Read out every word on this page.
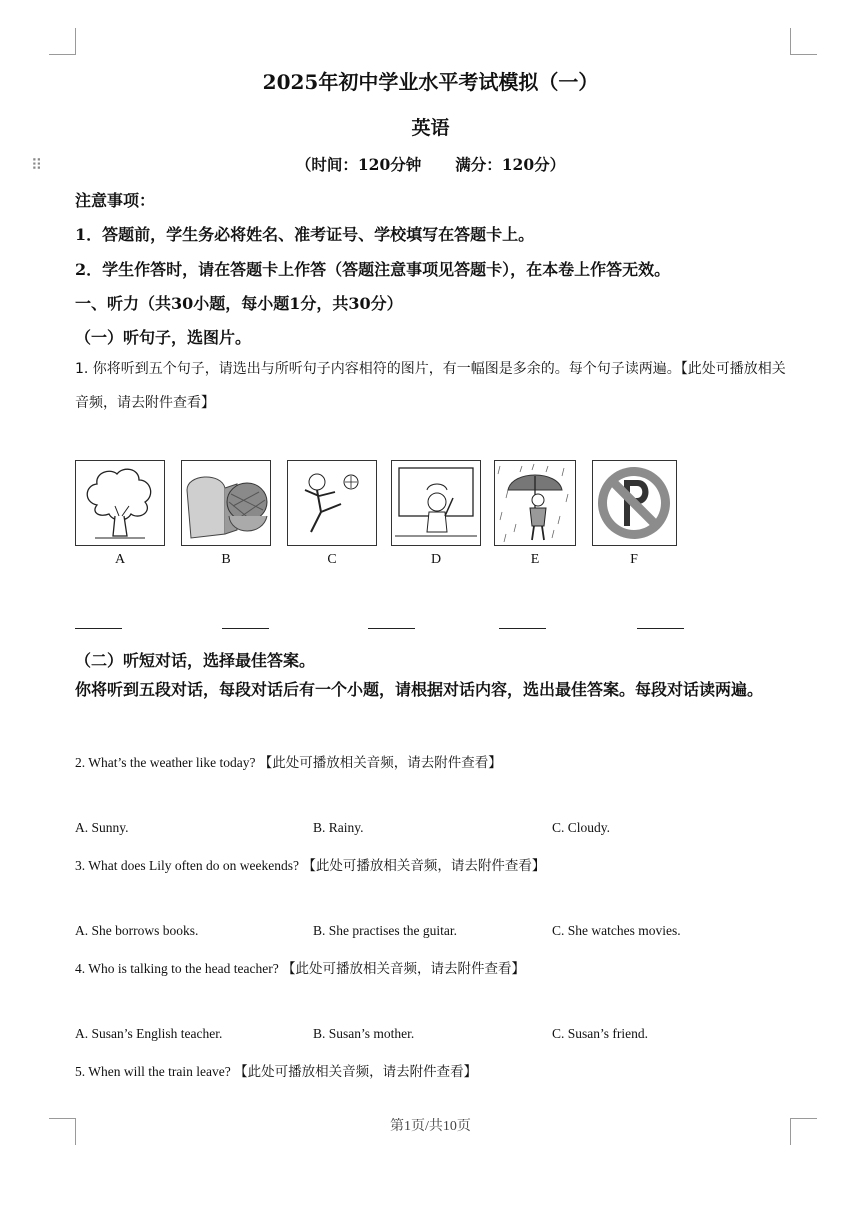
⠿
2025年初中学业水平考试模拟（一）
英语
（时间：120分钟 满分：120分）
注意事项：
1．答题前，学生务必将姓名、准考证号、学校填写在答题卡上。
2．学生作答时，请在答题卡上作答（答题注意事项见答题卡），在本卷上作答无效。
一、听力（共30小题，每小题1分，共30分）
（一）听句子，选图片。
1. 你将听到五个句子，请选出与所听句子内容相符的图片，有一幅图是多余的。每个句子读两遍。【此处可播放相关音频，请去附件查看】
A	B	C	D	E	F
（二）听短对话，选择最佳答案。
你将听到五段对话，每段对话后有一个小题，请根据对话内容，选出最佳答案。每段对话读两遍。
2. What’s the weather like today? 【此处可播放相关音频，请去附件查看】
A. Sunny.	B. Rainy.	C. Cloudy.
3. What does Lily often do on weekends? 【此处可播放相关音频，请去附件查看】
A. She borrows books.	B. She practises the guitar.	C. She watches movies.
4. Who is talking to the head teacher? 【此处可播放相关音频，请去附件查看】
A. Susan’s English teacher.	B. Susan’s mother.	C. Susan’s friend.
5. When will the train leave? 【此处可播放相关音频，请去附件查看】
第1页/共10页
